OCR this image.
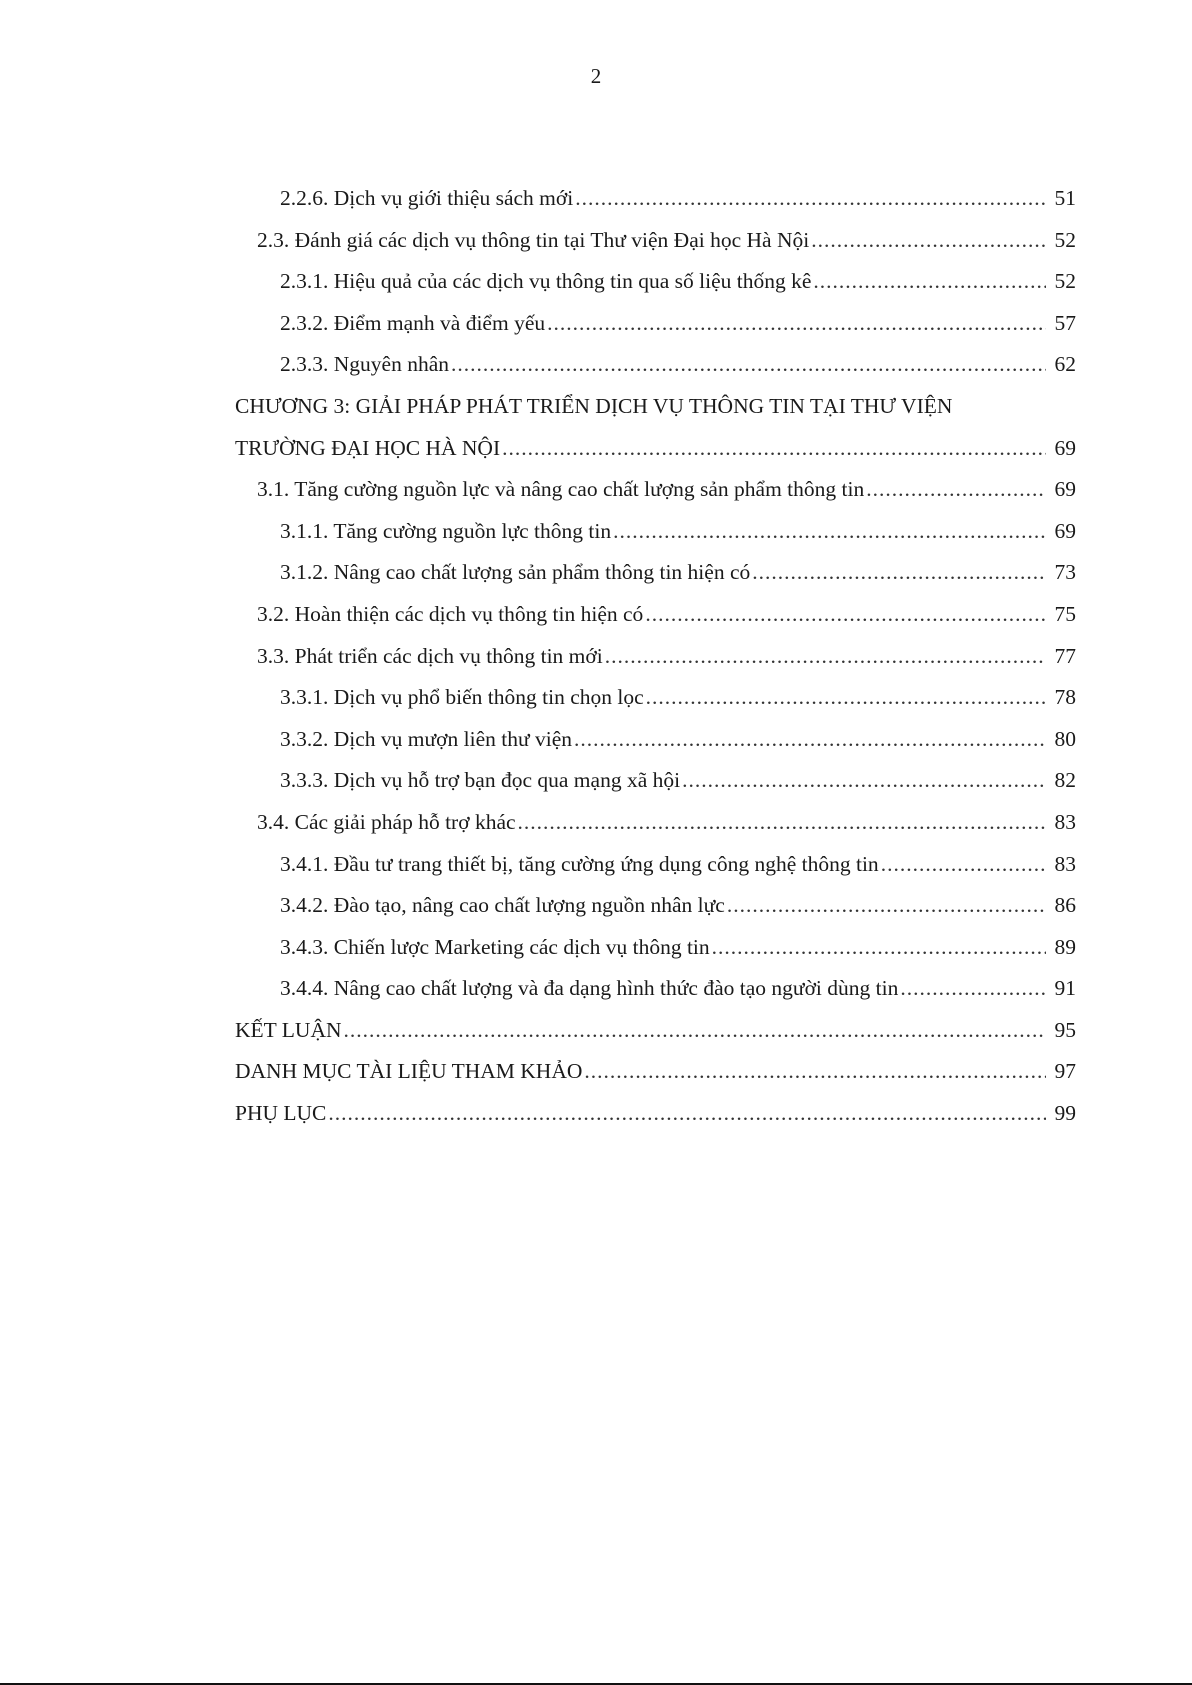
2
2.2.6. Dịch vụ giới thiệu sách mới .....	51
2.3. Đánh giá các dịch vụ thông tin tại Thư viện Đại học Hà Nội .....	52
2.3.1. Hiệu quả của các dịch vụ thông tin qua số liệu thống kê .....	52
2.3.2. Điểm mạnh và điểm yếu .....	57
2.3.3. Nguyên nhân .....	62
CHƯƠNG 3: GIẢI PHÁP PHÁT TRIỂN DỊCH VỤ THÔNG TIN TẠI THƯ VIỆN
TRƯỜNG ĐẠI HỌC HÀ NỘI .....	69
3.1. Tăng cường nguồn lực và nâng cao chất lượng sản phẩm thông tin .....	69
3.1.1. Tăng cường nguồn lực thông tin .....	69
3.1.2. Nâng cao chất lượng sản phẩm thông tin hiện có .....	73
3.2. Hoàn thiện các dịch vụ thông tin hiện có .....	75
3.3. Phát triển các dịch vụ thông tin mới .....	77
3.3.1. Dịch vụ phổ biến thông tin chọn lọc .....	78
3.3.2. Dịch vụ mượn liên thư viện .....	80
3.3.3. Dịch vụ hỗ trợ bạn đọc qua mạng xã hội .....	82
3.4. Các giải pháp hỗ trợ khác .....	83
3.4.1. Đầu tư trang thiết bị, tăng cường ứng dụng công nghệ thông tin .....	83
3.4.2. Đào tạo, nâng cao chất lượng nguồn nhân lực .....	86
3.4.3. Chiến lược Marketing các dịch vụ thông tin .....	89
3.4.4. Nâng cao chất lượng và đa dạng hình thức đào tạo người dùng tin .....	91
KẾT LUẬN .....	95
DANH MỤC TÀI LIỆU THAM KHẢO .....	97
PHỤ LỤC .....	99
